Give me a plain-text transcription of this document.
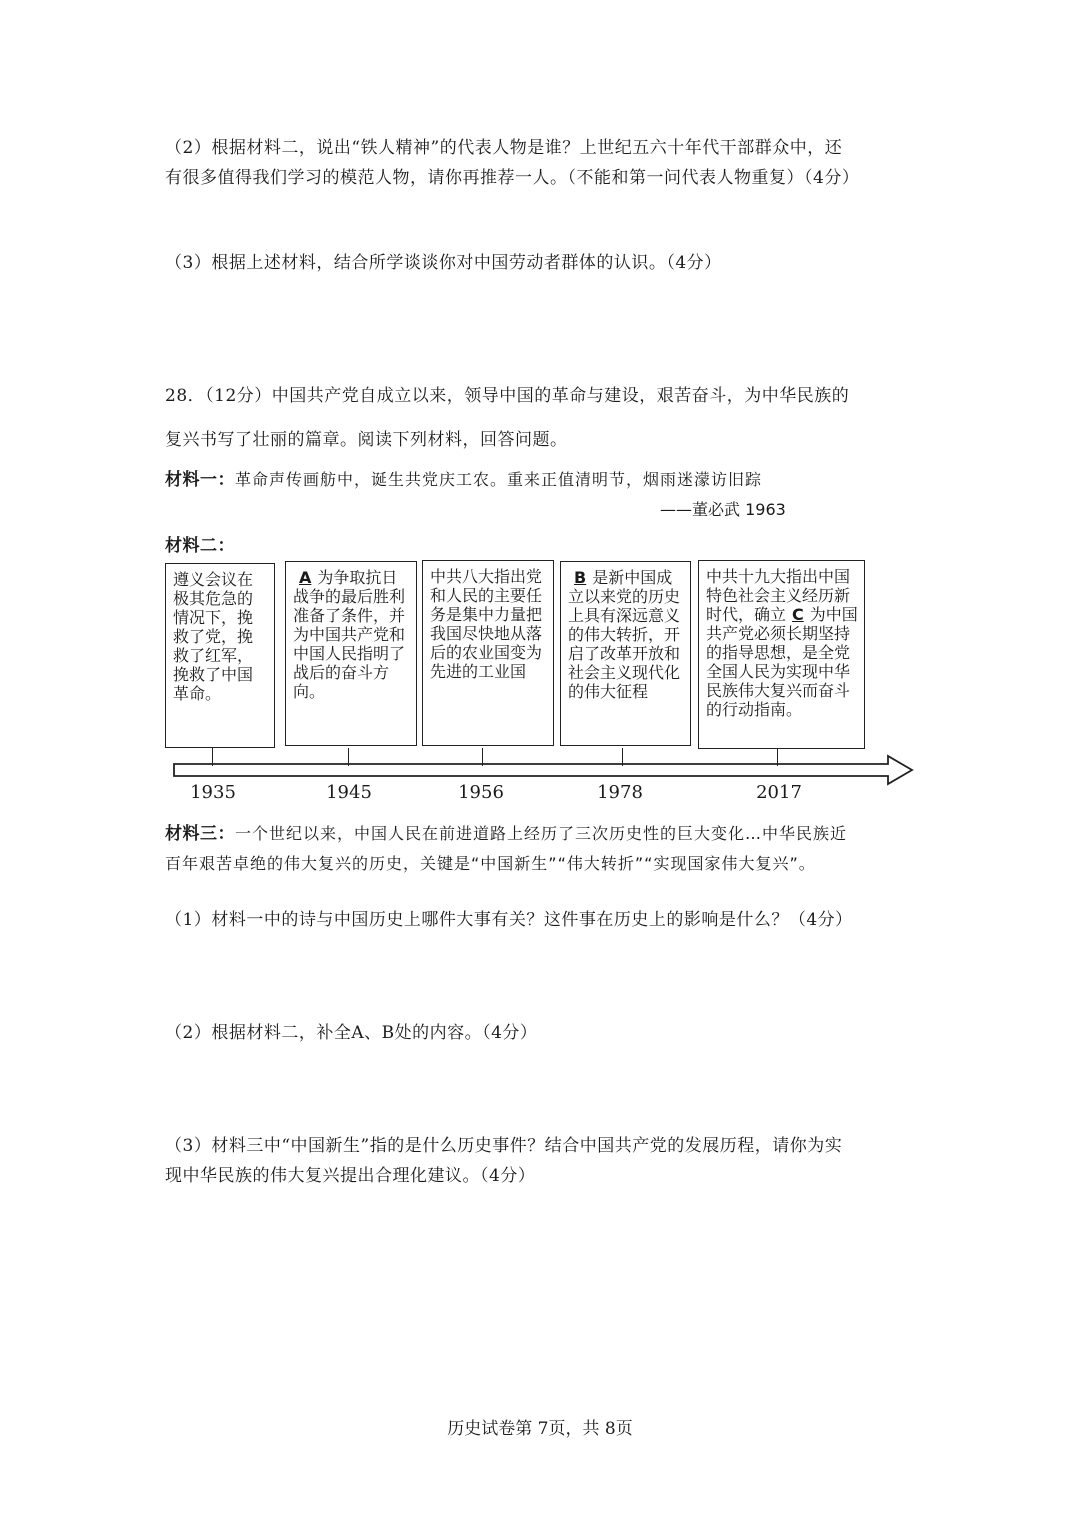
（2）根据材料二，说出“铁人精神”的代表人物是谁？上世纪五六十年代干部群众中，还
有很多值得我们学习的模范人物，请你再推荐一人。（不能和第一问代表人物重复）（4分）
（3）根据上述材料，结合所学谈谈你对中国劳动者群体的认识。（4分）
28．（12分）中国共产党自成立以来，领导中国的革命与建设，艰苦奋斗，为中华民族的
复兴书写了壮丽的篇章。阅读下列材料，回答问题。
材料一：革命声传画舫中，诞生共党庆工农。重来正值清明节，烟雨迷濛访旧踪
——董必武 1963
材料二：
遵义会议在极其危急的情况下，挽救了党，挽救了红军，挽救了中国革命。
A 为争取抗日战争的最后胜利准备了条件，并为中国共产党和中国人民指明了战后的奋斗方向。
中共八大指出党和人民的主要任务是集中力量把我国尽快地从落后的农业国变为先进的工业国
B 是新中国成立以来党的历史上具有深远意义的伟大转折，开启了改革开放和社会主义现代化的伟大征程
中共十九大指出中国特色社会主义经历新时代，确立 C 为中国共产党必须长期坚持的指导思想，是全党全国人民为实现中华民族伟大复兴而奋斗的行动指南。
1935	1945	1956	1978	2017
材料三：一个世纪以来，中国人民在前进道路上经历了三次历史性的巨大变化…中华民族近
百年艰苦卓绝的伟大复兴的历史，关键是“中国新生”“伟大转折”“实现国家伟大复兴”。
（1）材料一中的诗与中国历史上哪件大事有关？这件事在历史上的影响是什么？（4分）
（2）根据材料二，补全A、B处的内容。（4分）
（3）材料三中“中国新生”指的是什么历史事件？结合中国共产党的发展历程，请你为实
现中华民族的伟大复兴提出合理化建议。（4分）
历史试卷第 7页，共 8页
